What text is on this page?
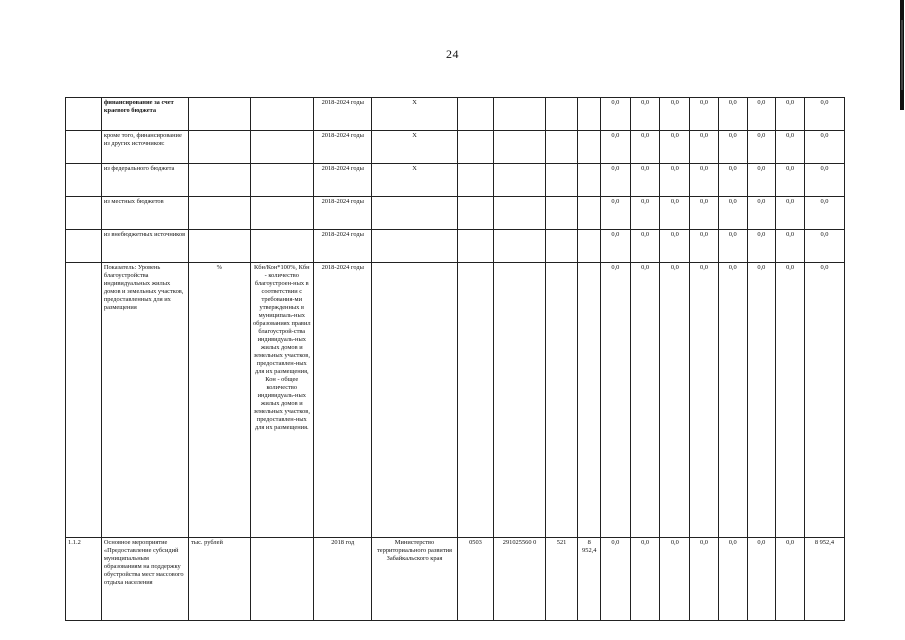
24
	финансирование за счет краевого бюджета			2018-2024 годы	X					0,0	0,0	0,0	0,0	0,0	0,0	0,0	0,0
	кроме того, финансирование из других источников:			2018-2024 годы	X					0,0	0,0	0,0	0,0	0,0	0,0	0,0	0,0
	из федерального бюджета			2018-2024 годы	X					0,0	0,0	0,0	0,0	0,0	0,0	0,0	0,0
	из местных бюджетов			2018-2024 годы						0,0	0,0	0,0	0,0	0,0	0,0	0,0	0,0
	из внебюджетных источников			2018-2024 годы						0,0	0,0	0,0	0,0	0,0	0,0	0,0	0,0
	Показатель: Уровень благоустройства индивидуальных жилых домов и земельных участков, предоставленных для их размещения	%	Кбн/Кон*100%, Кбн - количество благоустроен-ных в соответствии с требования-ми утвержденных в муниципаль-ных образованиях правил благоустрой-ства индивидуаль-ных жилых домов и земельных участков, предоставлен-ных для их размещения, Кон - общее количество индивидуаль-ных жилых домов и земельных участков, предоставлен-ных для их размещения.	2018-2024 годы						0,0	0,0	0,0	0,0	0,0	0,0	0,0	0,0
1.1.2	Основное мероприятие «Предоставление субсидий муниципальным образованиям на поддержку обустройства мест массового отдыха населения	тыс. рублей		2018 год	Министерство территориального развития Забайкальского края	0503	291025560 0	521	8 952,4	0,0	0,0	0,0	0,0	0,0	0,0	0,0	8 952,4
